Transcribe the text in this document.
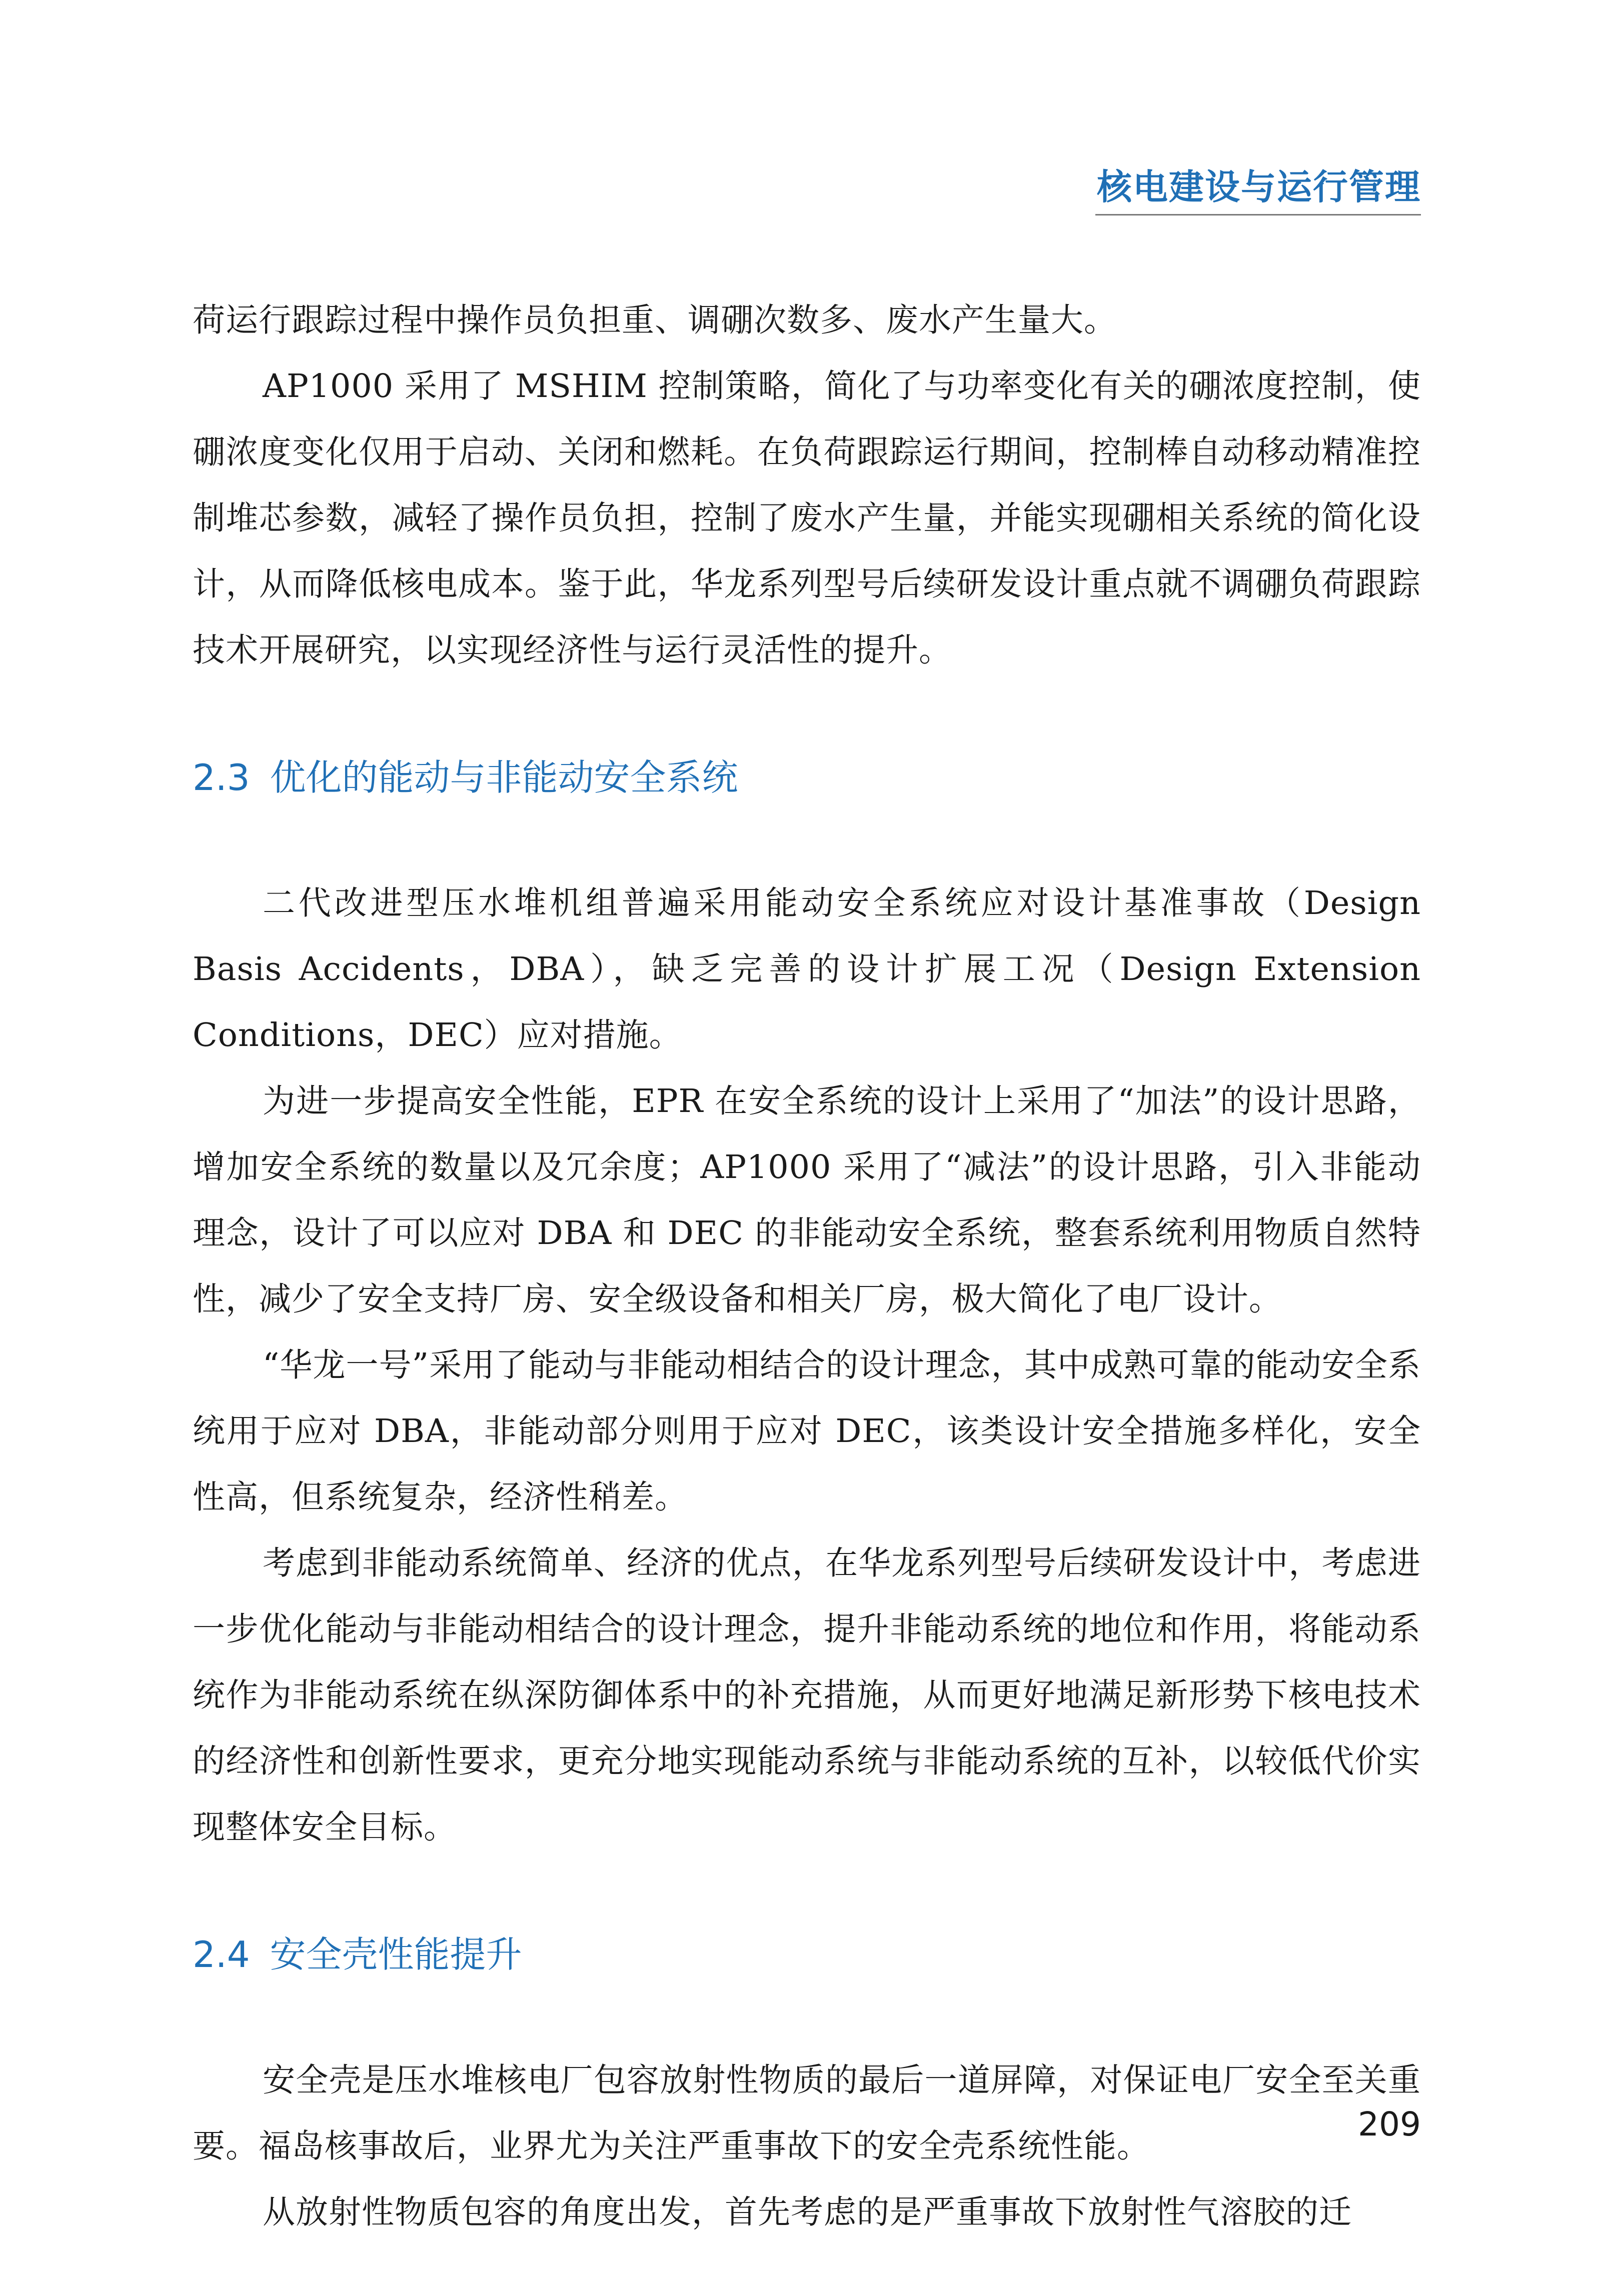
核电建设与运行管理

荷运行跟踪过程中操作员负担重、调硼次数多、废水产生量大。

AP1000 采用了 MSHIM 控制策略，简化了与功率变化有关的硼浓度控制，使硼浓度变化仅用于启动、关闭和燃耗。在负荷跟踪运行期间，控制棒自动移动精准控制堆芯参数，减轻了操作员负担，控制了废水产生量，并能实现硼相关系统的简化设计，从而降低核电成本。鉴于此，华龙系列型号后续研发设计重点就不调硼负荷跟踪技术开展研究，以实现经济性与运行灵活性的提升。

2.3 优化的能动与非能动安全系统

二代改进型压水堆机组普遍采用能动安全系统应对设计基准事故（Design Basis Accidents，DBA），缺乏完善的设计扩展工况（Design Extension Conditions，DEC）应对措施。

为进一步提高安全性能，EPR 在安全系统的设计上采用了“加法”的设计思路，增加安全系统的数量以及冗余度；AP1000 采用了“减法”的设计思路，引入非能动理念，设计了可以应对 DBA 和 DEC 的非能动安全系统，整套系统利用物质自然特性，减少了安全支持厂房、安全级设备和相关厂房，极大简化了电厂设计。

“华龙一号”采用了能动与非能动相结合的设计理念，其中成熟可靠的能动安全系统用于应对 DBA，非能动部分则用于应对 DEC，该类设计安全措施多样化，安全性高，但系统复杂，经济性稍差。

考虑到非能动系统简单、经济的优点，在华龙系列型号后续研发设计中，考虑进一步优化能动与非能动相结合的设计理念，提升非能动系统的地位和作用，将能动系统作为非能动系统在纵深防御体系中的补充措施，从而更好地满足新形势下核电技术的经济性和创新性要求，更充分地实现能动系统与非能动系统的互补，以较低代价实现整体安全目标。

2.4 安全壳性能提升

安全壳是压水堆核电厂包容放射性物质的最后一道屏障，对保证电厂安全至关重要。福岛核事故后，业界尤为关注严重事故下的安全壳系统性能。

从放射性物质包容的角度出发，首先考虑的是严重事故下放射性气溶胶的迁

209
